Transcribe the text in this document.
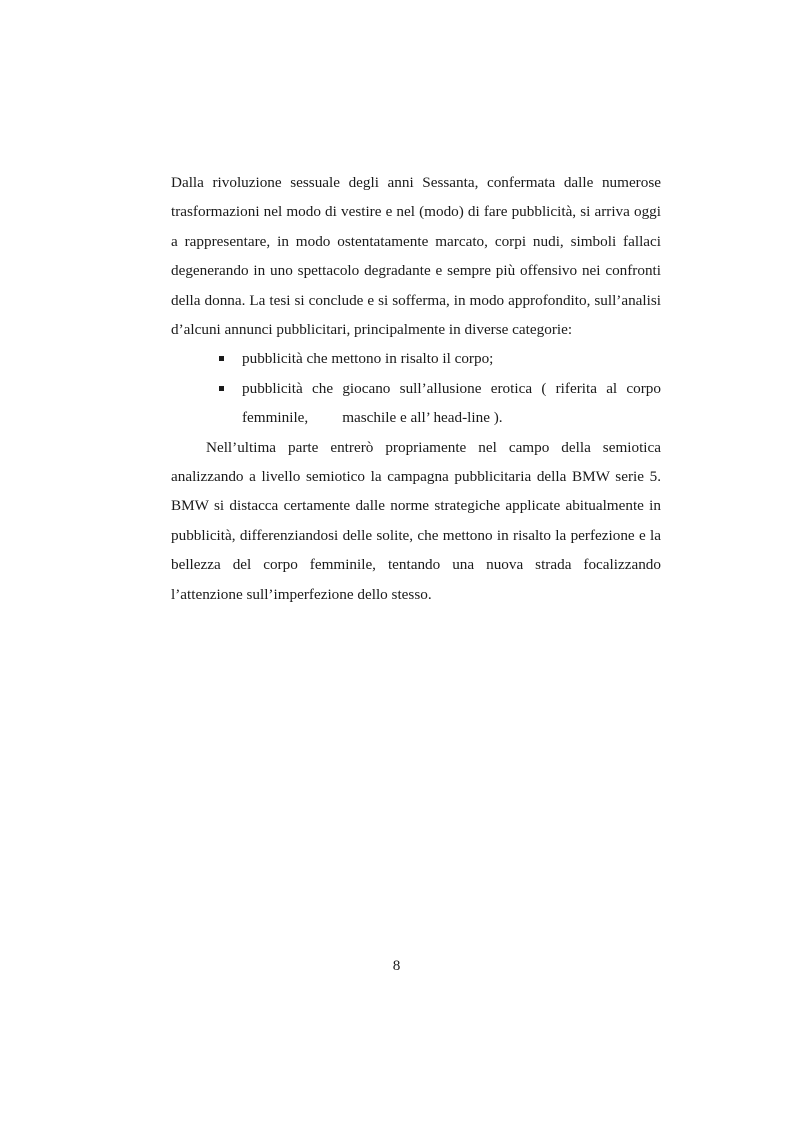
Dalla rivoluzione sessuale degli anni Sessanta, confermata dalle numerose trasformazioni nel modo di vestire e nel (modo) di fare pubblicità, si arriva oggi a rappresentare, in modo ostentatamente marcato, corpi nudi, simboli fallaci degenerando in uno spettacolo degradante e sempre più offensivo nei confronti della donna. La tesi si conclude e si sofferma, in modo approfondito, sull’analisi d’alcuni annunci pubblicitari, principalmente in diverse categorie:

pubblicità che mettono in risalto il corpo;
pubblicità che giocano sull’allusione erotica ( riferita al corpo femminile, maschile e all’ head-line ).

Nell’ultima parte entrerò propriamente nel campo della semiotica analizzando a livello semiotico la campagna pubblicitaria della BMW serie 5. BMW si distacca certamente dalle norme strategiche applicate abitualmente in pubblicità, differenziandosi delle solite, che mettono in risalto la perfezione e la bellezza del corpo femminile, tentando una nuova strada focalizzando l’attenzione sull’imperfezione dello stesso.

8
